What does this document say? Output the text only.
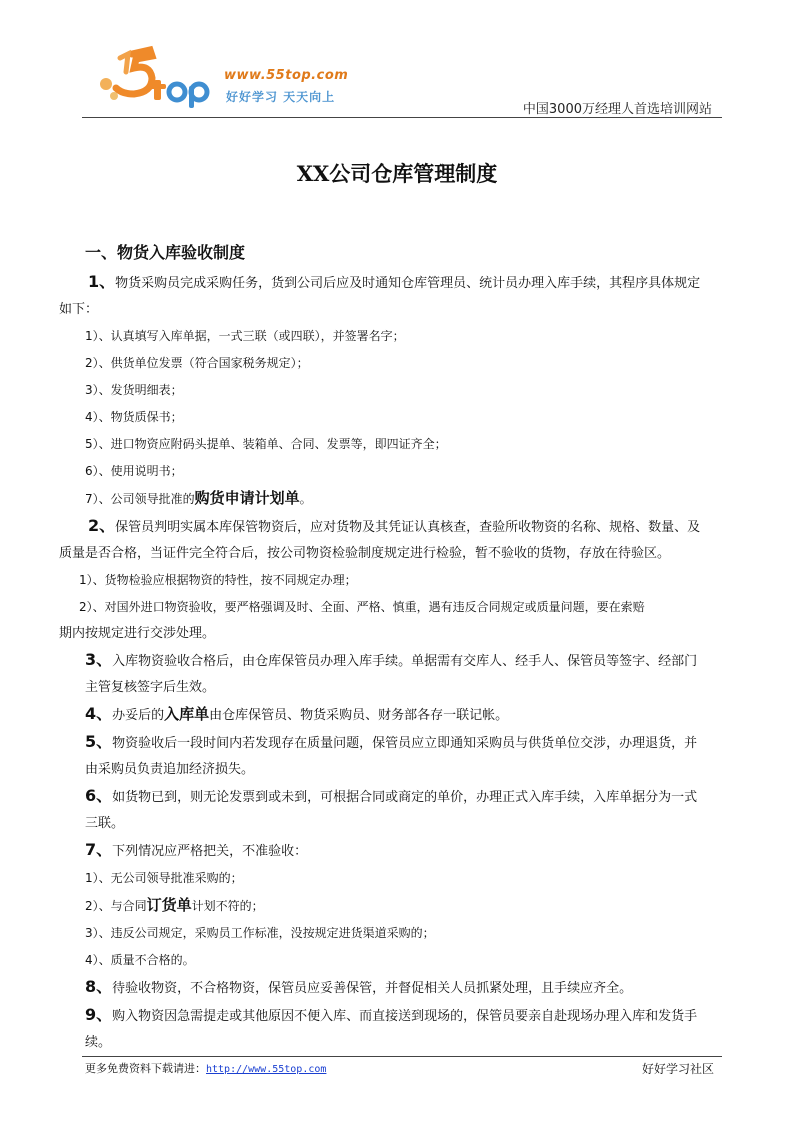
www.55top.com
好好学习 天天向上
中国3000万经理人首选培训网站
XX公司仓库管理制度
一、物货入库验收制度

1、物货采购员完成采购任务，货到公司后应及时通知仓库管理员、统计员办理入库手续，其程序具体规定

如下：

1）、认真填写入库单据，一式三联（或四联），并签署名字；

2）、供货单位发票（符合国家税务规定）；

3）、发货明细表；

4）、物货质保书；

5）、进口物资应附码头提单、装箱单、合同、发票等，即四证齐全；

6）、使用说明书；

7）、公司领导批准的购货申请计划单。

2、保管员判明实属本库保管物资后，应对货物及其凭证认真核查，查验所收物资的名称、规格、数量、及

质量是否合格，当证件完全符合后，按公司物资检验制度规定进行检验，暂不验收的货物，存放在待验区。

1）、货物检验应根据物资的特性，按不同规定办理；

2）、对国外进口物资验收，要严格强调及时、全面、严格、慎重，遇有违反合同规定或质量问题，要在索赔

期内按规定进行交涉处理。

3、入库物资验收合格后，由仓库保管员办理入库手续。单据需有交库人、经手人、保管员等签字、经部门

主管复核签字后生效。

4、办妥后的入库单由仓库保管员、物货采购员、财务部各存一联记帐。

5、物资验收后一段时间内若发现存在质量问题，保管员应立即通知采购员与供货单位交涉，办理退货，并

由采购员负责追加经济损失。

6、如货物已到，则无论发票到或未到，可根据合同或商定的单价，办理正式入库手续，入库单据分为一式

三联。

7、下列情况应严格把关，不准验收：

1）、无公司领导批准采购的；

2）、与合同订货单计划不符的；

3）、违反公司规定，采购员工作标准，没按规定进货渠道采购的；

4）、质量不合格的。

8、待验收物资，不合格物资，保管员应妥善保管，并督促相关人员抓紧处理，且手续应齐全。

9、购入物资因急需提走或其他原因不便入库、而直接送到现场的，保管员要亲自赴现场办理入库和发货手

续。

更多免费资料下载请进：http://www.55top.com	好好学习社区
